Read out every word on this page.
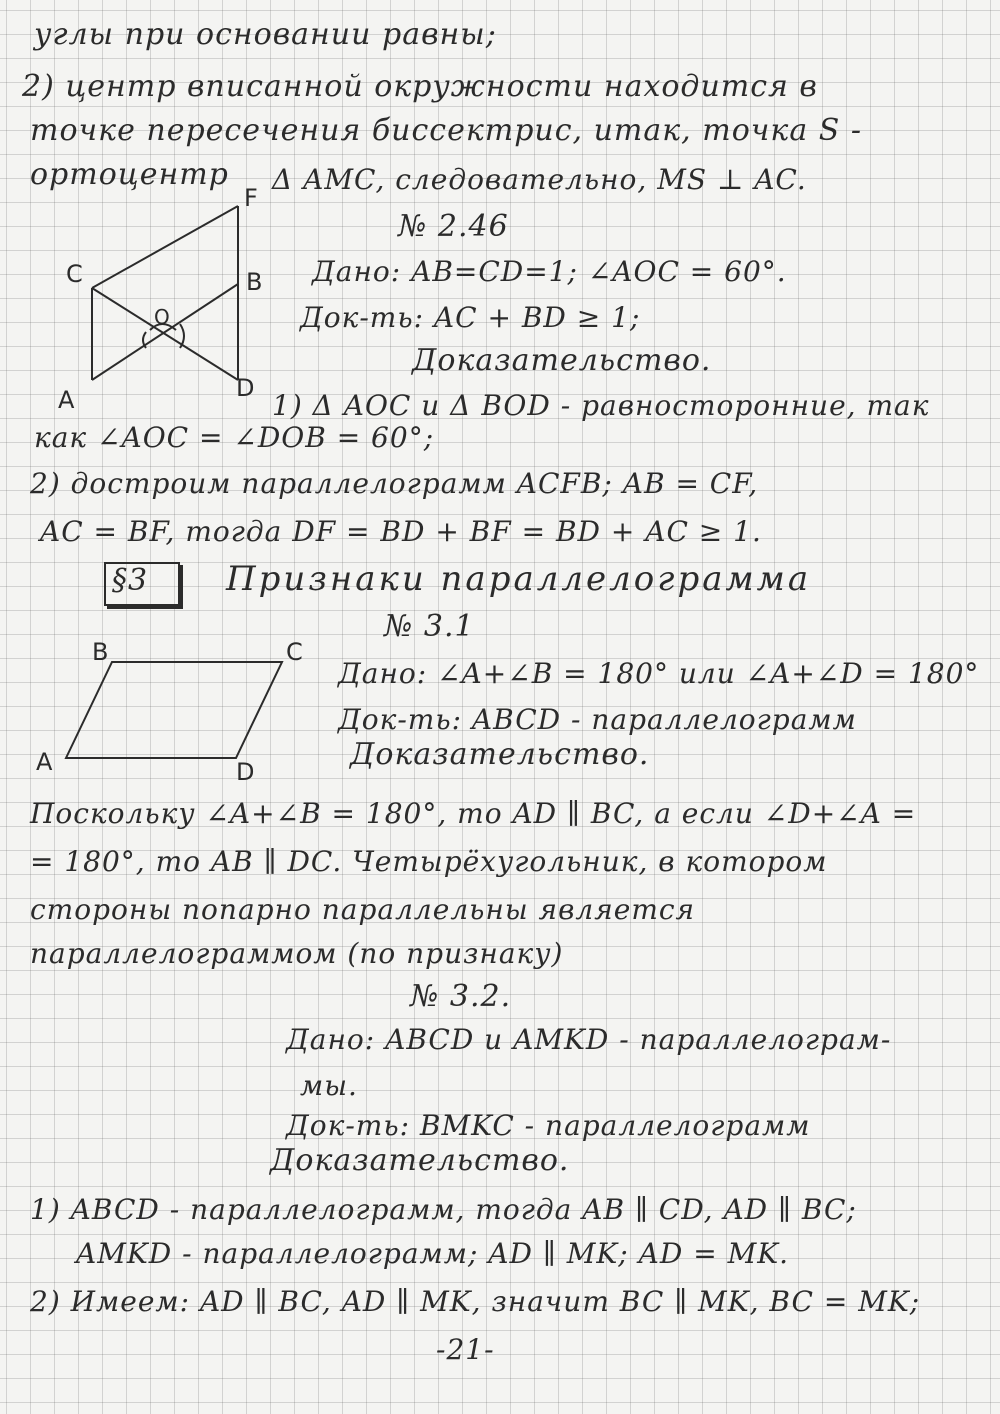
углы при основании равны;
2) центр вписанной окружности находится в
точке пересечения биссектрис, итак, точка S -
ортоцентр Δ AMC, следовательно, MS ⊥ AC.
№ 2.46
Дано: AB=CD=1; ∠AOC = 60°.
Док-ть: AC + BD ≥ 1;
Доказательство.
1) Δ AOC и Δ BOD - равносторонние, так
как ∠AOC = ∠DOB = 60°;
2) достроим параллелограмм ACFB; AB = CF,
AC = BF, тогда DF = BD + BF = BD + AC ≥ 1.
§3 Признаки параллелограмма
№ 3.1
Дано: ∠A+∠B = 180° или ∠A+∠D = 180°
Док-ть: ABCD - параллелограмм
Доказательство.
Поскольку ∠A+∠B = 180°, то AD ∥ BC, а если ∠D+∠A =
= 180°, то AB ∥ DC. Четырёхугольник, в котором
стороны попарно параллельны является
параллелограммом (по признаку)
№ 3.2.
Дано: ABCD и AMKD - параллелограм-
мы.
Док-ть: BMKC - параллелограмм
Доказательство.
1) ABCD - параллелограмм, тогда AB ∥ CD, AD ∥ BC;
AMKD - параллелограмм; AD ∥ MK; AD = MK.
2) Имеем: AD ∥ BC, AD ∥ MK, значит BC ∥ MK, BC = MK;
-21-
F
C	B
O
A	D
B	C
A	D
